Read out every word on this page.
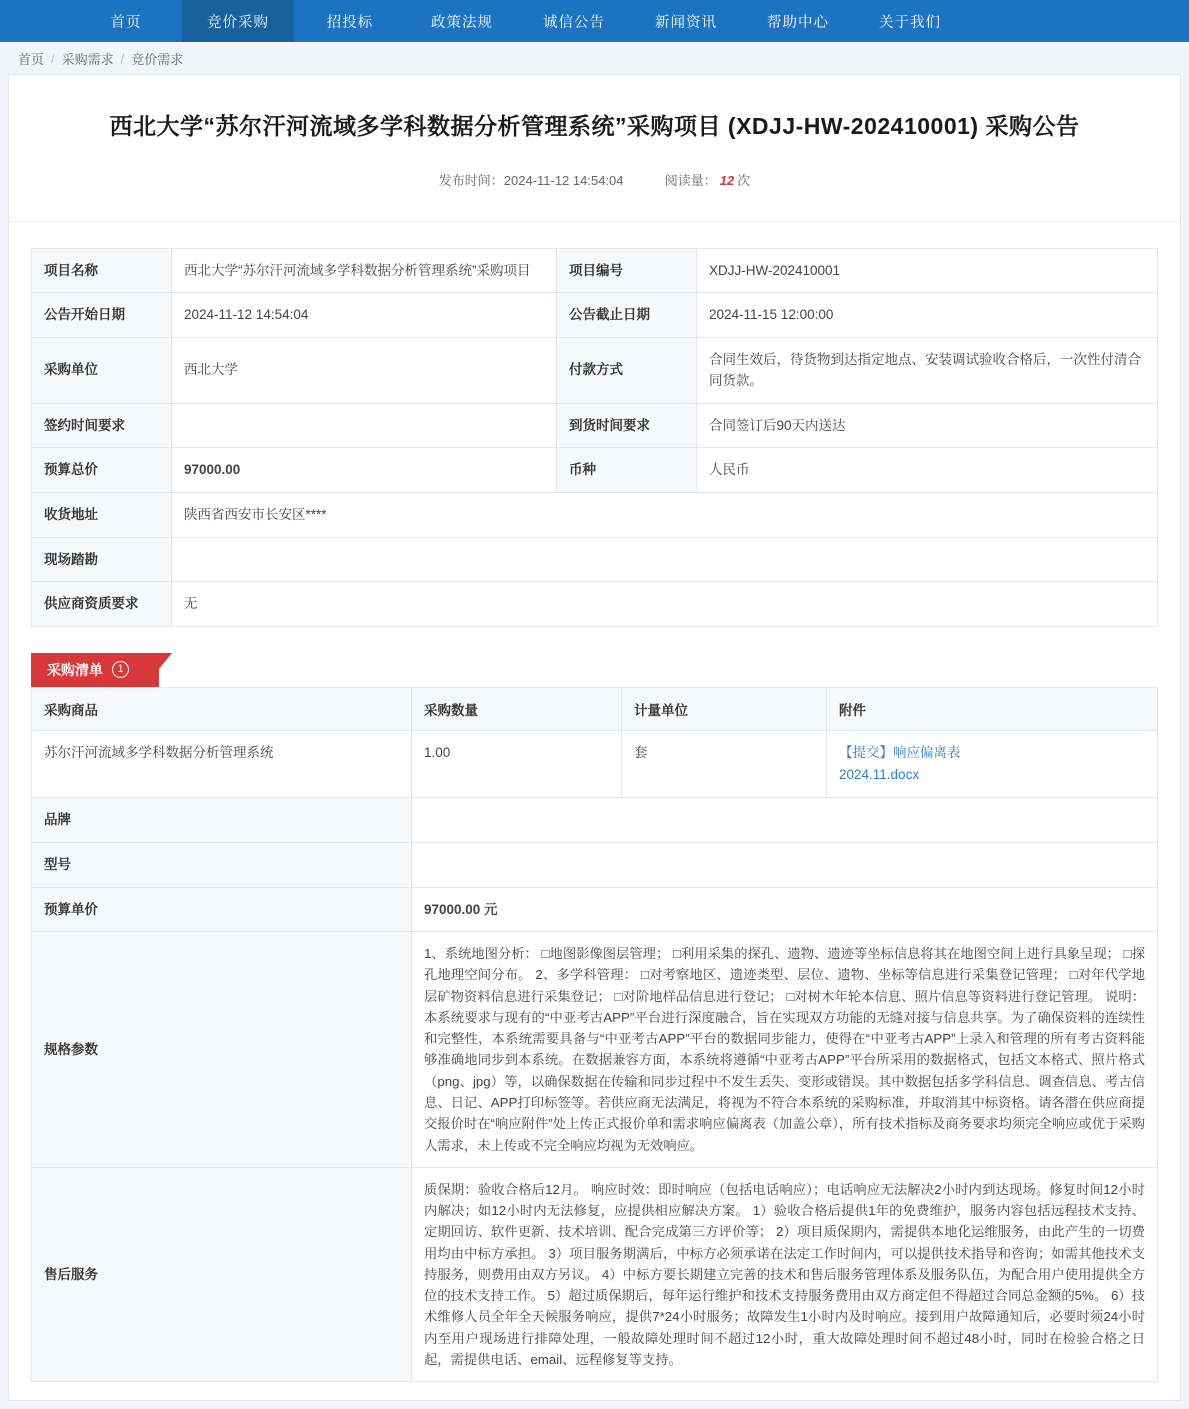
首页	竞价采购	招投标	政策法规	诚信公告	新闻资讯	帮助中心	关于我们
首页 / 采购需求 / 竞价需求
西北大学“苏尔汗河流域多学科数据分析管理系统”采购项目 (XDJJ-HW-202410001) 采购公告
发布时间：2024-11-12 14:54:04	阅读量： 12 次
项目名称	西北大学“苏尔汗河流域多学科数据分析管理系统”采购项目	项目编号	XDJJ-HW-202410001
公告开始日期	2024-11-12 14:54:04	公告截止日期	2024-11-15 12:00:00
采购单位	西北大学	付款方式	合同生效后，待货物到达指定地点、安装调试验收合格后，一次性付清合同货款。
签约时间要求		到货时间要求	合同签订后90天内送达
预算总价	97000.00	币种	人民币
收货地址	陕西省西安市长安区****		
现场踏勘			
供应商资质要求	无		
采购清单	1
采购商品	采购数量	计量单位	附件
苏尔汗河流域多学科数据分析管理系统	1.00	套	【提交】响应偏离表
2024.11.docx

品牌			
型号			
预算单价	97000.00 元		
规格参数	1、系统地图分析： □地图影像图层管理； □利用采集的探孔、遗物、遗迹等坐标信息将其在地图空间上进行具象呈现； □探孔地理空间分布。 2、多学科管理： □对考察地区、遗迹类型、层位、遗物、坐标等信息进行采集登记管理； □对年代学地层矿物资料信息进行采集登记； □对阶地样品信息进行登记； □对树木年轮本信息、照片信息等资料进行登记管理。 说明：本系统要求与现有的“中亚考古APP”平台进行深度融合，旨在实现双方功能的无缝对接与信息共享。为了确保资料的连续性和完整性，本系统需要具备与“中亚考古APP”平台的数据同步能力，使得在“中亚考古APP”上录入和管理的所有考古资料能够准确地同步到本系统。在数据兼容方面，本系统将遵循“中亚考古APP”平台所采用的数据格式，包括文本格式、照片格式（png、jpg）等，以确保数据在传输和同步过程中不发生丢失、变形或错误。其中数据包括多学科信息、调查信息、考古信息、日记、APP打印标签等。若供应商无法满足，将视为不符合本系统的采购标准，并取消其中标资格。请各潜在供应商提交报价时在“响应附件”处上传正式报价单和需求响应偏离表（加盖公章），所有技术指标及商务要求均须完全响应或优于采购人需求，未上传或不完全响应均视为无效响应。		
售后服务	质保期：验收合格后12月。 响应时效：即时响应（包括电话响应）；电话响应无法解决2小时内到达现场。修复时间12小时内解决；如12小时内无法修复，应提供相应解决方案。 1）验收合格后提供1年的免费维护，服务内容包括远程技术支持、定期回访、软件更新、技术培训、配合完成第三方评价等； 2）项目质保期内，需提供本地化运维服务，由此产生的一切费用均由中标方承担。 3）项目服务期满后，中标方必须承诺在法定工作时间内，可以提供技术指导和咨询；如需其他技术支持服务，则费用由双方另议。 4）中标方要长期建立完善的技术和售后服务管理体系及服务队伍，为配合用户使用提供全方位的技术支持工作。 5）超过质保期后，每年运行维护和技术支持服务费用由双方商定但不得超过合同总金额的5%。 6）技术维修人员全年全天候服务响应，提供7*24小时服务；故障发生1小时内及时响应。接到用户故障通知后，必要时须24小时内至用户现场进行排障处理，一般故障处理时间不超过12小时，重大故障处理时间不超过48小时，同时在检验合格之日起，需提供电话、email、远程修复等支持。		
